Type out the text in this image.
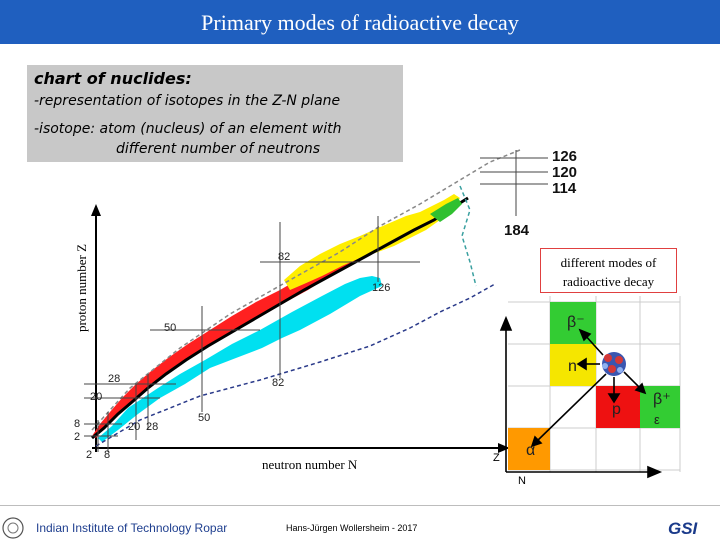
Primary modes of radioactive decay
chart of nuclides:
-representation of isotopes in the Z-N plane
-isotope: atom (nucleus) of an element with
different number of neutrons
2
8
20
28
50
82
2 8
20 28
50
82
126
126
120
114
184
proton number Z
neutron number N
different modes of
radioactive decay
β⁻
n
p
β⁺
ε
α
Z
N
GSI
Indian Institute of Technology Ropar	Hans-Jürgen Wollersheim - 2017
